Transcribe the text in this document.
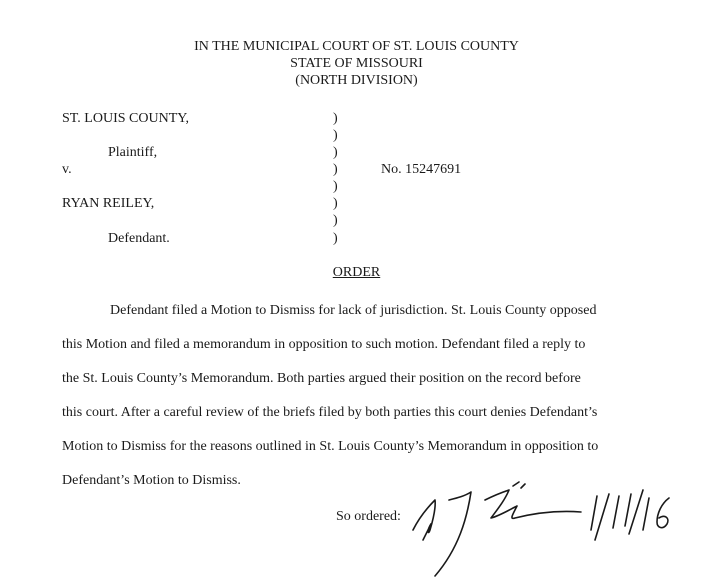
IN THE MUNICIPAL COURT OF ST. LOUIS COUNTY
STATE OF MISSOURI
(NORTH DIVISION)
ST. LOUIS COUNTY,
Plaintiff,
v.
RYAN REILEY,
Defendant.
)
)
)
)
)
)
)
)
No. 15247691
ORDER
Defendant filed a Motion to Dismiss for lack of jurisdiction. St. Louis County opposed
this Motion and filed a memorandum in opposition to such motion. Defendant filed a reply to
the St. Louis County’s Memorandum. Both parties argued their position on the record before
this court. After a careful review of the briefs filed by both parties this court denies Defendant’s
Motion to Dismiss for the reasons outlined in St. Louis County’s Memorandum in opposition to
Defendant’s Motion to Dismiss.
So ordered:
